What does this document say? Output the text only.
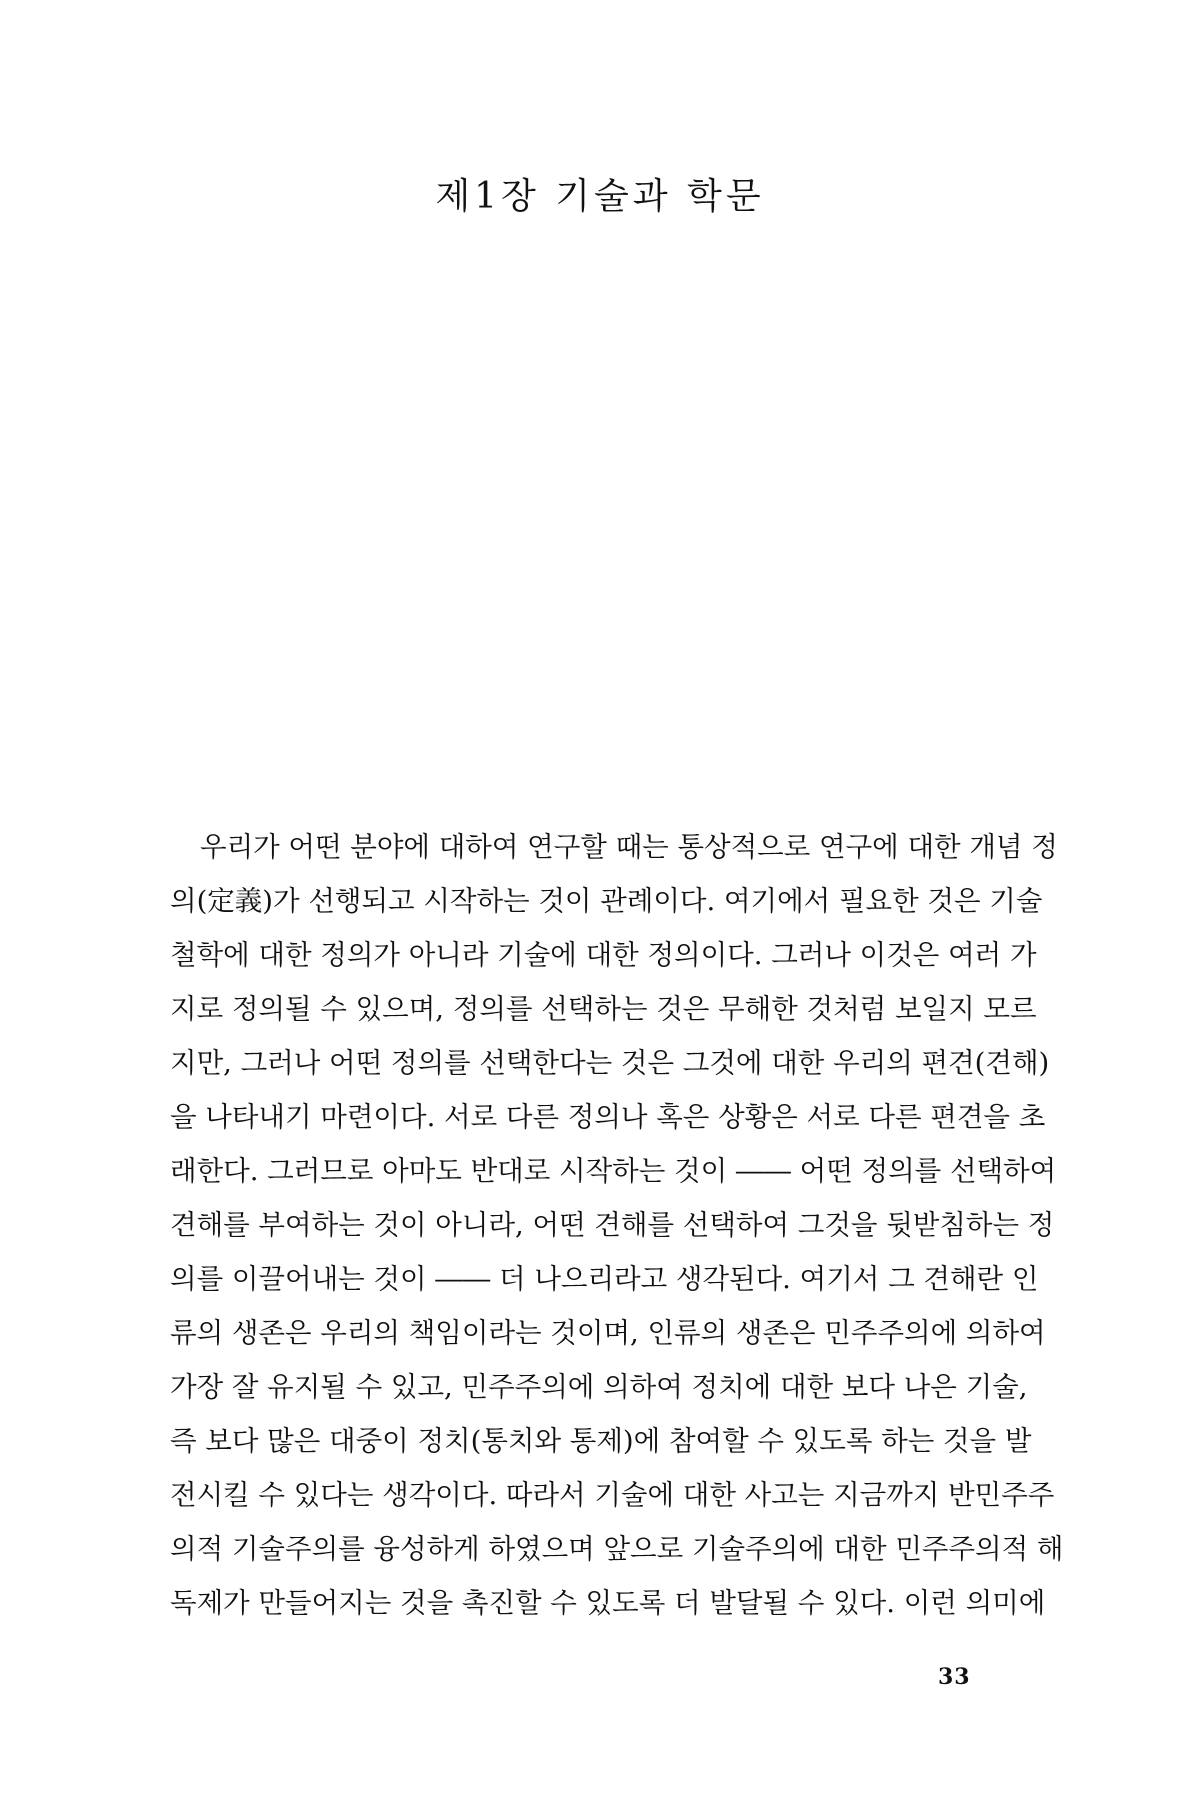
제1장 기술과 학문
우리가 어떤 분야에 대하여 연구할 때는 통상적으로 연구에 대한 개념 정
의(定義)가 선행되고 시작하는 것이 관례이다. 여기에서 필요한 것은 기술
철학에 대한 정의가 아니라 기술에 대한 정의이다. 그러나 이것은 여러 가
지로 정의될 수 있으며, 정의를 선택하는 것은 무해한 것처럼 보일지 모르
지만, 그러나 어떤 정의를 선택한다는 것은 그것에 대한 우리의 편견(견해)
을 나타내기 마련이다. 서로 다른 정의나 혹은 상황은 서로 다른 편견을 초
래한다. 그러므로 아마도 반대로 시작하는 것이 ―― 어떤 정의를 선택하여
견해를 부여하는 것이 아니라, 어떤 견해를 선택하여 그것을 뒷받침하는 정
의를 이끌어내는 것이 ―― 더 나으리라고 생각된다. 여기서 그 견해란 인
류의 생존은 우리의 책임이라는 것이며, 인류의 생존은 민주주의에 의하여
가장 잘 유지될 수 있고, 민주주의에 의하여 정치에 대한 보다 나은 기술,
즉 보다 많은 대중이 정치(통치와 통제)에 참여할 수 있도록 하는 것을 발
전시킬 수 있다는 생각이다. 따라서 기술에 대한 사고는 지금까지 반민주주
의적 기술주의를 융성하게 하였으며 앞으로 기술주의에 대한 민주주의적 해
독제가 만들어지는 것을 촉진할 수 있도록 더 발달될 수 있다. 이런 의미에
33
